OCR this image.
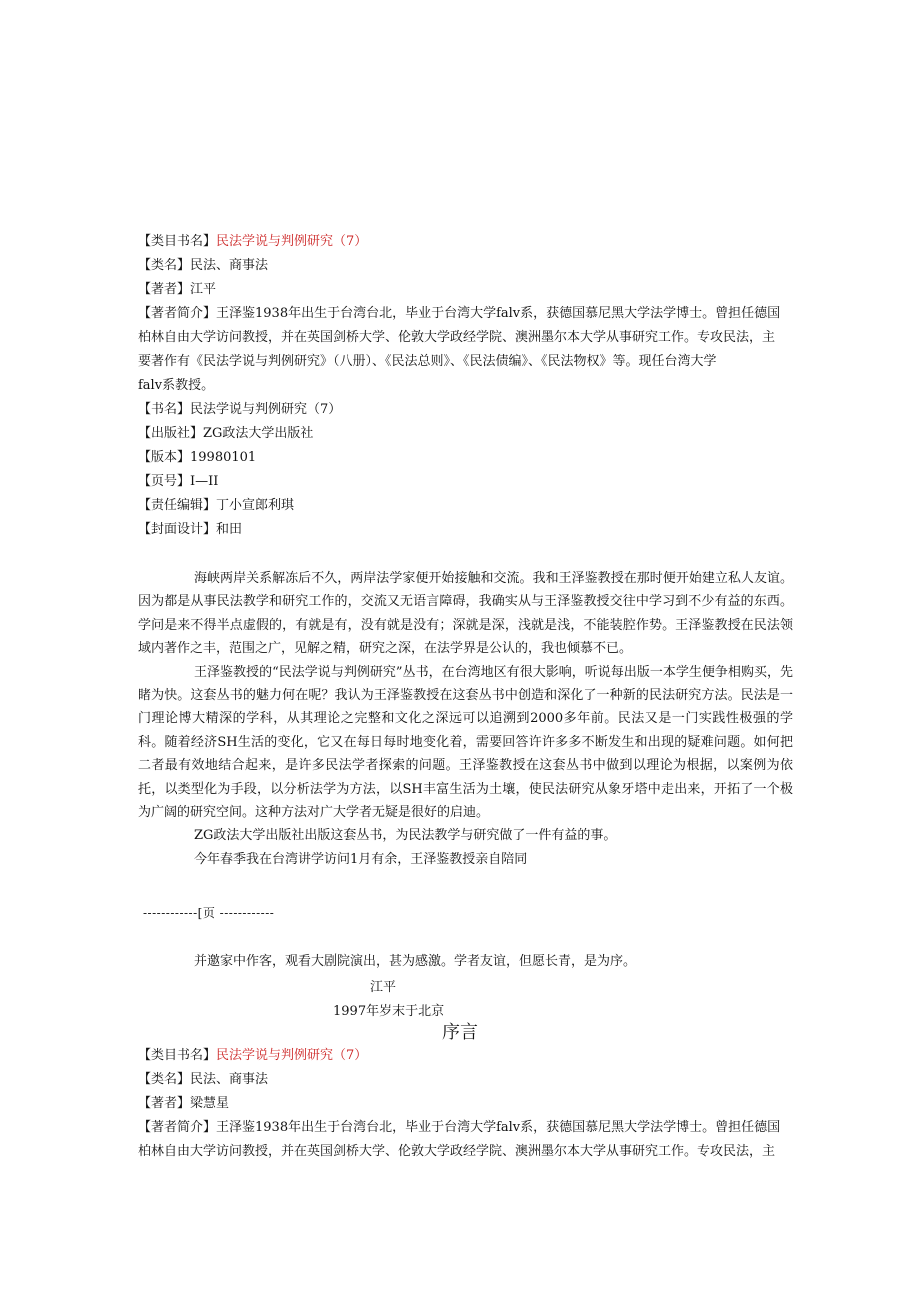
【类目书名】民法学说与判例研究（7）
【类名】民法、商事法
【著者】江平
【著者简介】王泽鉴1938年出生于台湾台北，毕业于台湾大学falv系，获德国慕尼黑大学法学博士。曾担任德国
柏林自由大学访问教授，并在英国剑桥大学、伦敦大学政经学院、澳洲墨尔本大学从事研究工作。专攻民法，主
要著作有《民法学说与判例研究》（八册）、《民法总则》、《民法债编》、《民法物权》等。现任台湾大学
falv系教授。
【书名】民法学说与判例研究（7）
【出版社】ZG政法大学出版社
【版本】19980101
【页号】I—II
【责任编辑】丁小宣郎利琪
【封面设计】和田

海峡两岸关系解冻后不久，两岸法学家便开始接触和交流。我和王泽鉴教授在那时便开始建立私人友谊。因为都是从事民法教学和研究工作的，交流又无语言障碍，我确实从与王泽鉴教授交往中学习到不少有益的东西。学问是来不得半点虚假的，有就是有，没有就是没有；深就是深，浅就是浅，不能装腔作势。王泽鉴教授在民法领域内著作之丰，范围之广，见解之精，研究之深，在法学界是公认的，我也倾慕不已。

王泽鉴教授的“民法学说与判例研究”丛书，在台湾地区有很大影响，听说每出版一本学生便争相购买，先睹为快。这套丛书的魅力何在呢？我认为王泽鉴教授在这套丛书中创造和深化了一种新的民法研究方法。民法是一门理论博大精深的学科，从其理论之完整和文化之深远可以追溯到2000多年前。民法又是一门实践性极强的学科。随着经济SH生活的变化，它又在每日每时地变化着，需要回答许许多多不断发生和出现的疑难问题。如何把二者最有效地结合起来，是许多民法学者探索的问题。王泽鉴教授在这套丛书中做到以理论为根据，以案例为依托，以类型化为手段，以分析法学为方法，以SH丰富生活为土壤，使民法研究从象牙塔中走出来，开拓了一个极为广阔的研究空间。这种方法对广大学者无疑是很好的启迪。

ZG政法大学出版社出版这套丛书，为民法教学与研究做了一件有益的事。

今年春季我在台湾讲学访问1月有余，王泽鉴教授亲自陪同

------------[页 ------------
并邀家中作客，观看大剧院演出，甚为感激。学者友谊，但愿长青，是为序。
江平
1997年岁末于北京
序言
【类目书名】民法学说与判例研究（7）
【类名】民法、商事法
【著者】梁慧星
【著者简介】王泽鉴1938年出生于台湾台北，毕业于台湾大学falv系，获德国慕尼黑大学法学博士。曾担任德国
柏林自由大学访问教授，并在英国剑桥大学、伦敦大学政经学院、澳洲墨尔本大学从事研究工作。专攻民法，主
